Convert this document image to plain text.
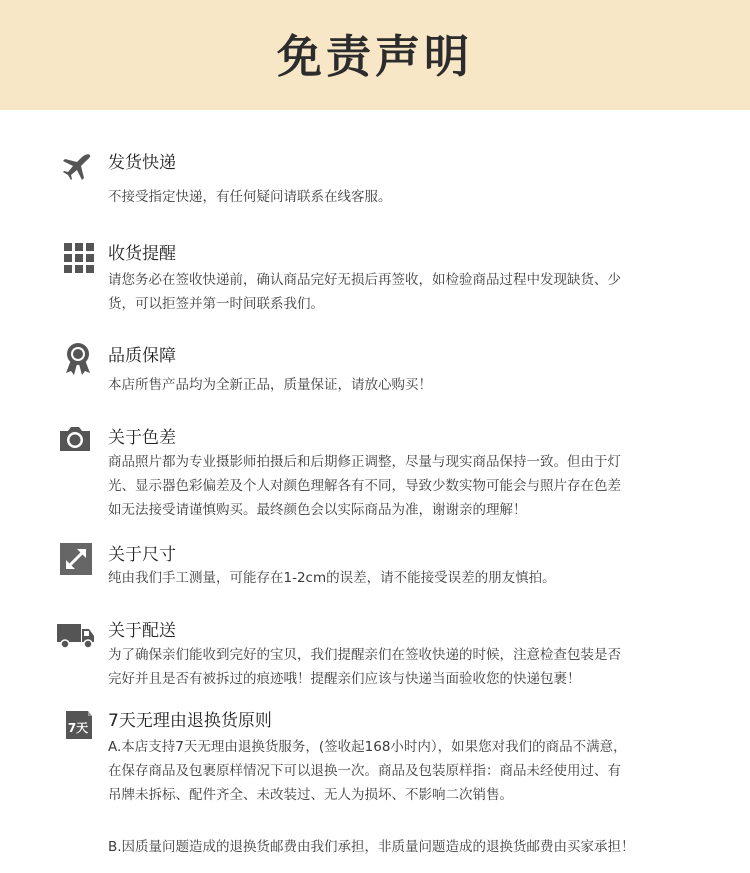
免责声明
发货快递

不接受指定快递，有任何疑问请联系在线客服。

收货提醒

请您务必在签收快递前，确认商品完好无损后再签收，如检验商品过程中发现缺货、少

货，可以拒签并第一时间联系我们。

品质保障

本店所售产品均为全新正品，质量保证，请放心购买！

关于色差

商品照片都为专业摄影师拍摄后和后期修正调整，尽量与现实商品保持一致。但由于灯

光、显示器色彩偏差及个人对颜色理解各有不同，导致少数实物可能会与照片存在色差

如无法接受请谨慎购买。最终颜色会以实际商品为准，谢谢亲的理解！

关于尺寸

纯由我们手工测量，可能存在1-2cm的误差，请不能接受误差的朋友慎拍。

关于配送

为了确保亲们能收到完好的宝贝，我们提醒亲们在签收快递的时候，注意检查包装是否

完好并且是否有被拆过的痕迹哦！提醒亲们应该与快递当面验收您的快递包裹！

7天 7天无理由退换货原则

A.本店支持7天无理由退换货服务，(签收起168小时内），如果您对我们的商品不满意，

在保存商品及包裹原样情况下可以退换一次。商品及包装原样指：商品未经使用过、有

吊牌未拆标、配件齐全、未改装过、无人为损坏、不影响二次销售。

B.因质量问题造成的退换货邮费由我们承担，非质量问题造成的退换货邮费由买家承担！
